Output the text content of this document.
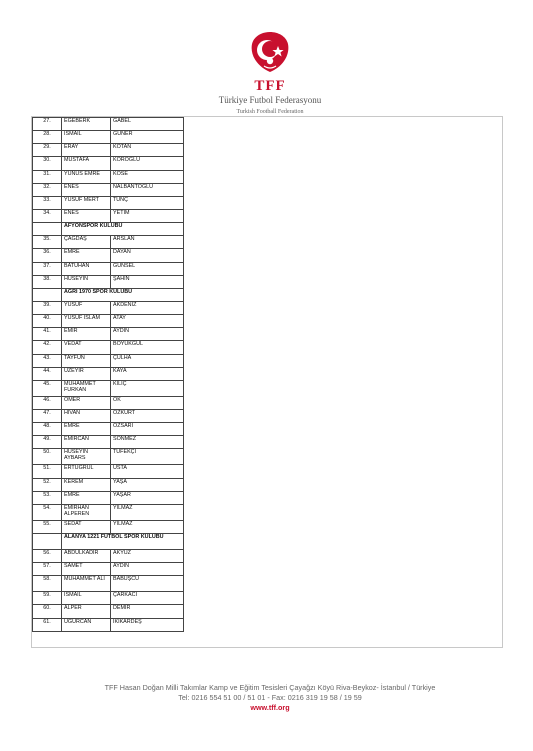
TFF
Türkiye Futbol Federasyonu
Turkish Football Federation
27.	EGEBERK	GABEL
28.	İSMAİL	GÜNER
29.	ERAY	KOTAN
30.	MUSTAFA	KÖROĞLU
31.	YUNUS EMRE	KÖSE
32.	ENES	NALBANTOĞLU
33.	YUSUF MERT	TUNÇ
34.	ENES	YETİM
	AFYONSPOR KULÜBÜ	
35.	ÇAĞDAŞ	ARSLAN
36.	EMRE	DAYAN
37.	BATUHAN	GÜNSEL
38.	HÜSEYİN	ŞAHİN
	AĞRI 1970 SPOR KULÜBÜ	
39.	YUSUF	AKDENİZ
40.	YUSUF İSLAM	ATAY
41.	EMİR	AYDIN
42.	VEDAT	BOYUKGÜL
43.	TAYFUN	ÇULHA
44.	ÜZEYİR	KAYA
45.	MUHAMMET FURKAN	KILIÇ
46.	ÖMER	OK
47.	HİVAN	ÖZKURT
48.	EMRE	ÖZSARI
49.	EMİRCAN	SÖNMEZ
50.	HÜSEYİN AYBARS	TÜFEKÇİ
51.	ERTUĞRUL	USTA
52.	KEREM	YAŞA
53.	EMRE	YAŞAR
54.	EMİRHAN ALPEREN	YILMAZ
55.	SEDAT	YILMAZ
	ALANYA 1221 FUTBOL SPOR KULÜBÜ	
56.	ABDULKADİR	AKYÜZ
57.	SAMET	AYDIN
58.	MUHAMMET ALİ	BABUŞCU
59.	İSMAİL	ÇARKACI
60.	ALPER	DEMİR
61.	UĞURCAN	İKİKARDEŞ
TFF Hasan Doğan Milli Takımlar Kamp ve Eğitim Tesisleri Çayağzı Köyü Riva-Beykoz- İstanbul / Türkiye
Tel: 0216 554 51 00 / 51 01 - Fax: 0216 319 19 58 / 19 59
www.tff.org
